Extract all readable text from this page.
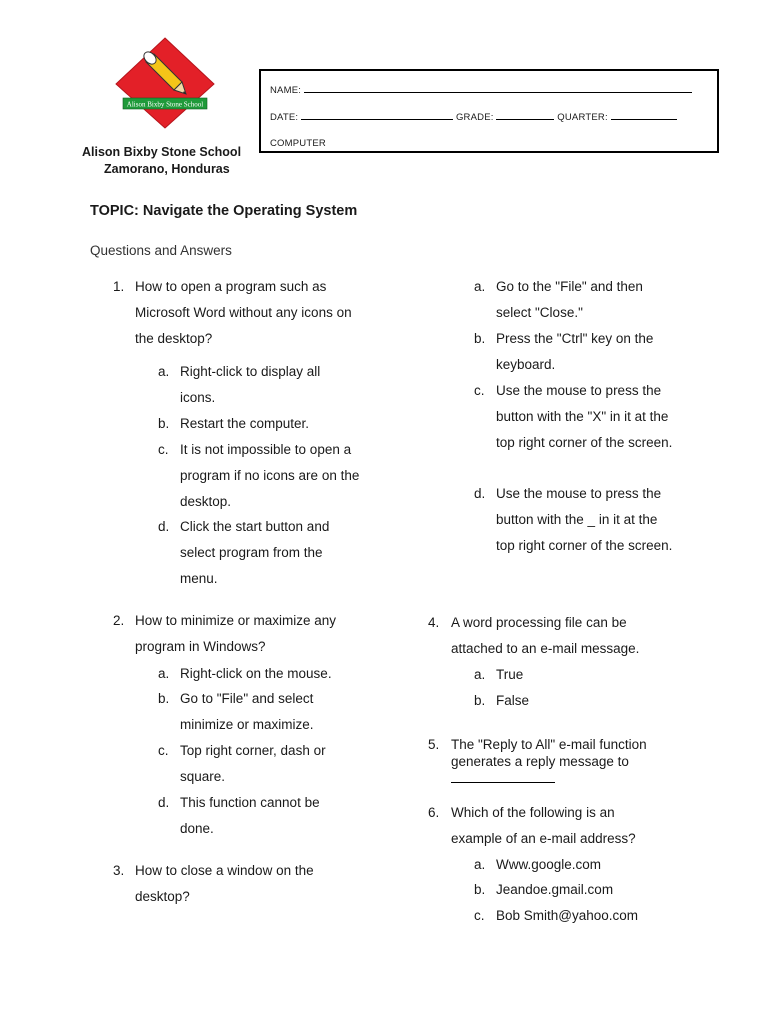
Alison Bixby Stone School
Alison Bixby Stone School
Zamorano, Honduras
NAME:
DATE:	GRADE:	QUARTER:
COMPUTER
TOPIC: Navigate the Operating System
Questions and Answers
1. How to open a program such as Microsoft Word without any icons on the desktop?
a. Right-click to display all icons.
b. Restart the computer.
c. It is not impossible to open a program if no icons are on the desktop.
d. Click the start button and select program from the menu.
2. How to minimize or maximize any program in Windows?
a. Right-click on the mouse.
b. Go to "File" and select minimize or maximize.
c. Top right corner, dash or square.
d. This function cannot be done.
3. How to close a window on the desktop?
a. Go to the "File" and then select "Close."
b. Press the "Ctrl" key on the keyboard.
c. Use the mouse to press the button with the "X" in it at the top right corner of the screen.
d. Use the mouse to press the button with the _ in it at the top right corner of the screen.
4. A word processing file can be attached to an e-mail message.
a. True
b. False
5. The "Reply to All" e-mail function generates a reply message to

6. Which of the following is an example of an e-mail address?
a. Www.google.com
b. Jeandoe.gmail.com
c. Bob Smith@yahoo.com
